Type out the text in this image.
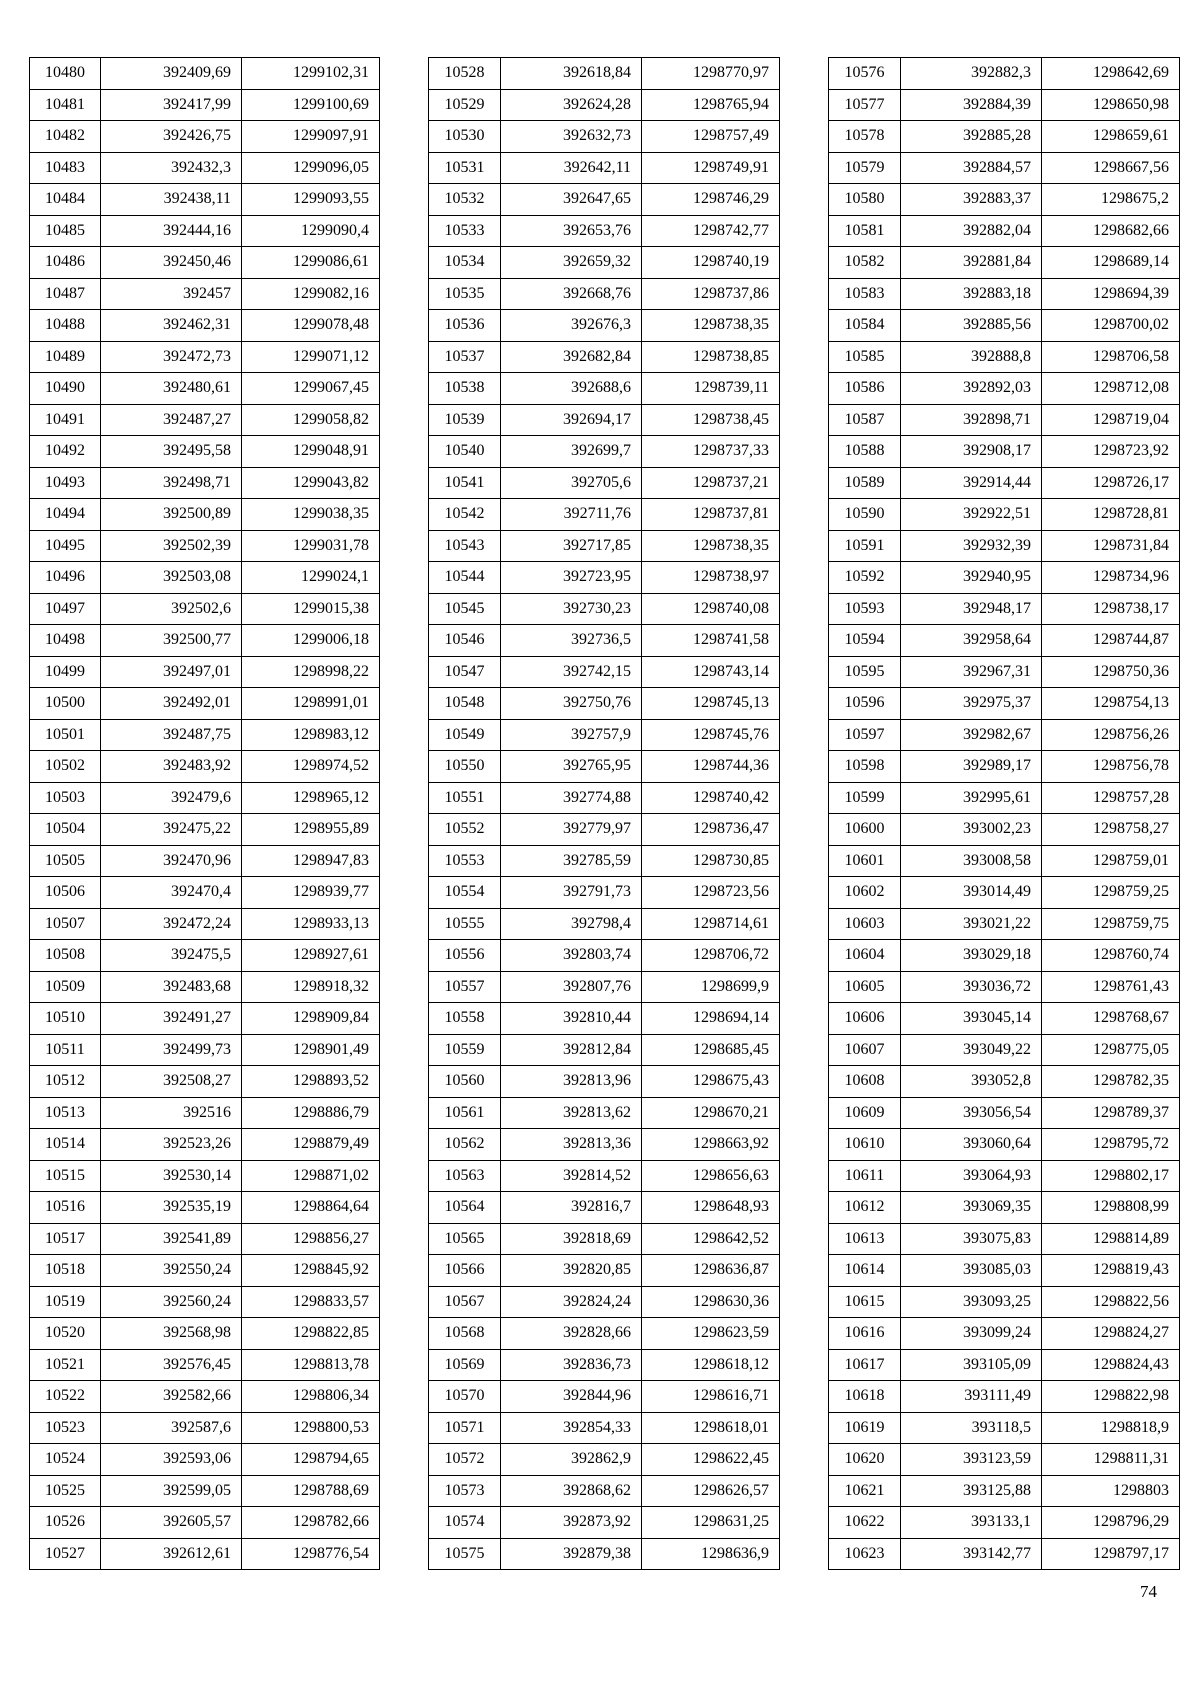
10480	392409,69	1299102,31
10481	392417,99	1299100,69
10482	392426,75	1299097,91
10483	392432,3	1299096,05
10484	392438,11	1299093,55
10485	392444,16	1299090,4
10486	392450,46	1299086,61
10487	392457	1299082,16
10488	392462,31	1299078,48
10489	392472,73	1299071,12
10490	392480,61	1299067,45
10491	392487,27	1299058,82
10492	392495,58	1299048,91
10493	392498,71	1299043,82
10494	392500,89	1299038,35
10495	392502,39	1299031,78
10496	392503,08	1299024,1
10497	392502,6	1299015,38
10498	392500,77	1299006,18
10499	392497,01	1298998,22
10500	392492,01	1298991,01
10501	392487,75	1298983,12
10502	392483,92	1298974,52
10503	392479,6	1298965,12
10504	392475,22	1298955,89
10505	392470,96	1298947,83
10506	392470,4	1298939,77
10507	392472,24	1298933,13
10508	392475,5	1298927,61
10509	392483,68	1298918,32
10510	392491,27	1298909,84
10511	392499,73	1298901,49
10512	392508,27	1298893,52
10513	392516	1298886,79
10514	392523,26	1298879,49
10515	392530,14	1298871,02
10516	392535,19	1298864,64
10517	392541,89	1298856,27
10518	392550,24	1298845,92
10519	392560,24	1298833,57
10520	392568,98	1298822,85
10521	392576,45	1298813,78
10522	392582,66	1298806,34
10523	392587,6	1298800,53
10524	392593,06	1298794,65
10525	392599,05	1298788,69
10526	392605,57	1298782,66
10527	392612,61	1298776,54
10528	392618,84	1298770,97
10529	392624,28	1298765,94
10530	392632,73	1298757,49
10531	392642,11	1298749,91
10532	392647,65	1298746,29
10533	392653,76	1298742,77
10534	392659,32	1298740,19
10535	392668,76	1298737,86
10536	392676,3	1298738,35
10537	392682,84	1298738,85
10538	392688,6	1298739,11
10539	392694,17	1298738,45
10540	392699,7	1298737,33
10541	392705,6	1298737,21
10542	392711,76	1298737,81
10543	392717,85	1298738,35
10544	392723,95	1298738,97
10545	392730,23	1298740,08
10546	392736,5	1298741,58
10547	392742,15	1298743,14
10548	392750,76	1298745,13
10549	392757,9	1298745,76
10550	392765,95	1298744,36
10551	392774,88	1298740,42
10552	392779,97	1298736,47
10553	392785,59	1298730,85
10554	392791,73	1298723,56
10555	392798,4	1298714,61
10556	392803,74	1298706,72
10557	392807,76	1298699,9
10558	392810,44	1298694,14
10559	392812,84	1298685,45
10560	392813,96	1298675,43
10561	392813,62	1298670,21
10562	392813,36	1298663,92
10563	392814,52	1298656,63
10564	392816,7	1298648,93
10565	392818,69	1298642,52
10566	392820,85	1298636,87
10567	392824,24	1298630,36
10568	392828,66	1298623,59
10569	392836,73	1298618,12
10570	392844,96	1298616,71
10571	392854,33	1298618,01
10572	392862,9	1298622,45
10573	392868,62	1298626,57
10574	392873,92	1298631,25
10575	392879,38	1298636,9
10576	392882,3	1298642,69
10577	392884,39	1298650,98
10578	392885,28	1298659,61
10579	392884,57	1298667,56
10580	392883,37	1298675,2
10581	392882,04	1298682,66
10582	392881,84	1298689,14
10583	392883,18	1298694,39
10584	392885,56	1298700,02
10585	392888,8	1298706,58
10586	392892,03	1298712,08
10587	392898,71	1298719,04
10588	392908,17	1298723,92
10589	392914,44	1298726,17
10590	392922,51	1298728,81
10591	392932,39	1298731,84
10592	392940,95	1298734,96
10593	392948,17	1298738,17
10594	392958,64	1298744,87
10595	392967,31	1298750,36
10596	392975,37	1298754,13
10597	392982,67	1298756,26
10598	392989,17	1298756,78
10599	392995,61	1298757,28
10600	393002,23	1298758,27
10601	393008,58	1298759,01
10602	393014,49	1298759,25
10603	393021,22	1298759,75
10604	393029,18	1298760,74
10605	393036,72	1298761,43
10606	393045,14	1298768,67
10607	393049,22	1298775,05
10608	393052,8	1298782,35
10609	393056,54	1298789,37
10610	393060,64	1298795,72
10611	393064,93	1298802,17
10612	393069,35	1298808,99
10613	393075,83	1298814,89
10614	393085,03	1298819,43
10615	393093,25	1298822,56
10616	393099,24	1298824,27
10617	393105,09	1298824,43
10618	393111,49	1298822,98
10619	393118,5	1298818,9
10620	393123,59	1298811,31
10621	393125,88	1298803
10622	393133,1	1298796,29
10623	393142,77	1298797,17
74
